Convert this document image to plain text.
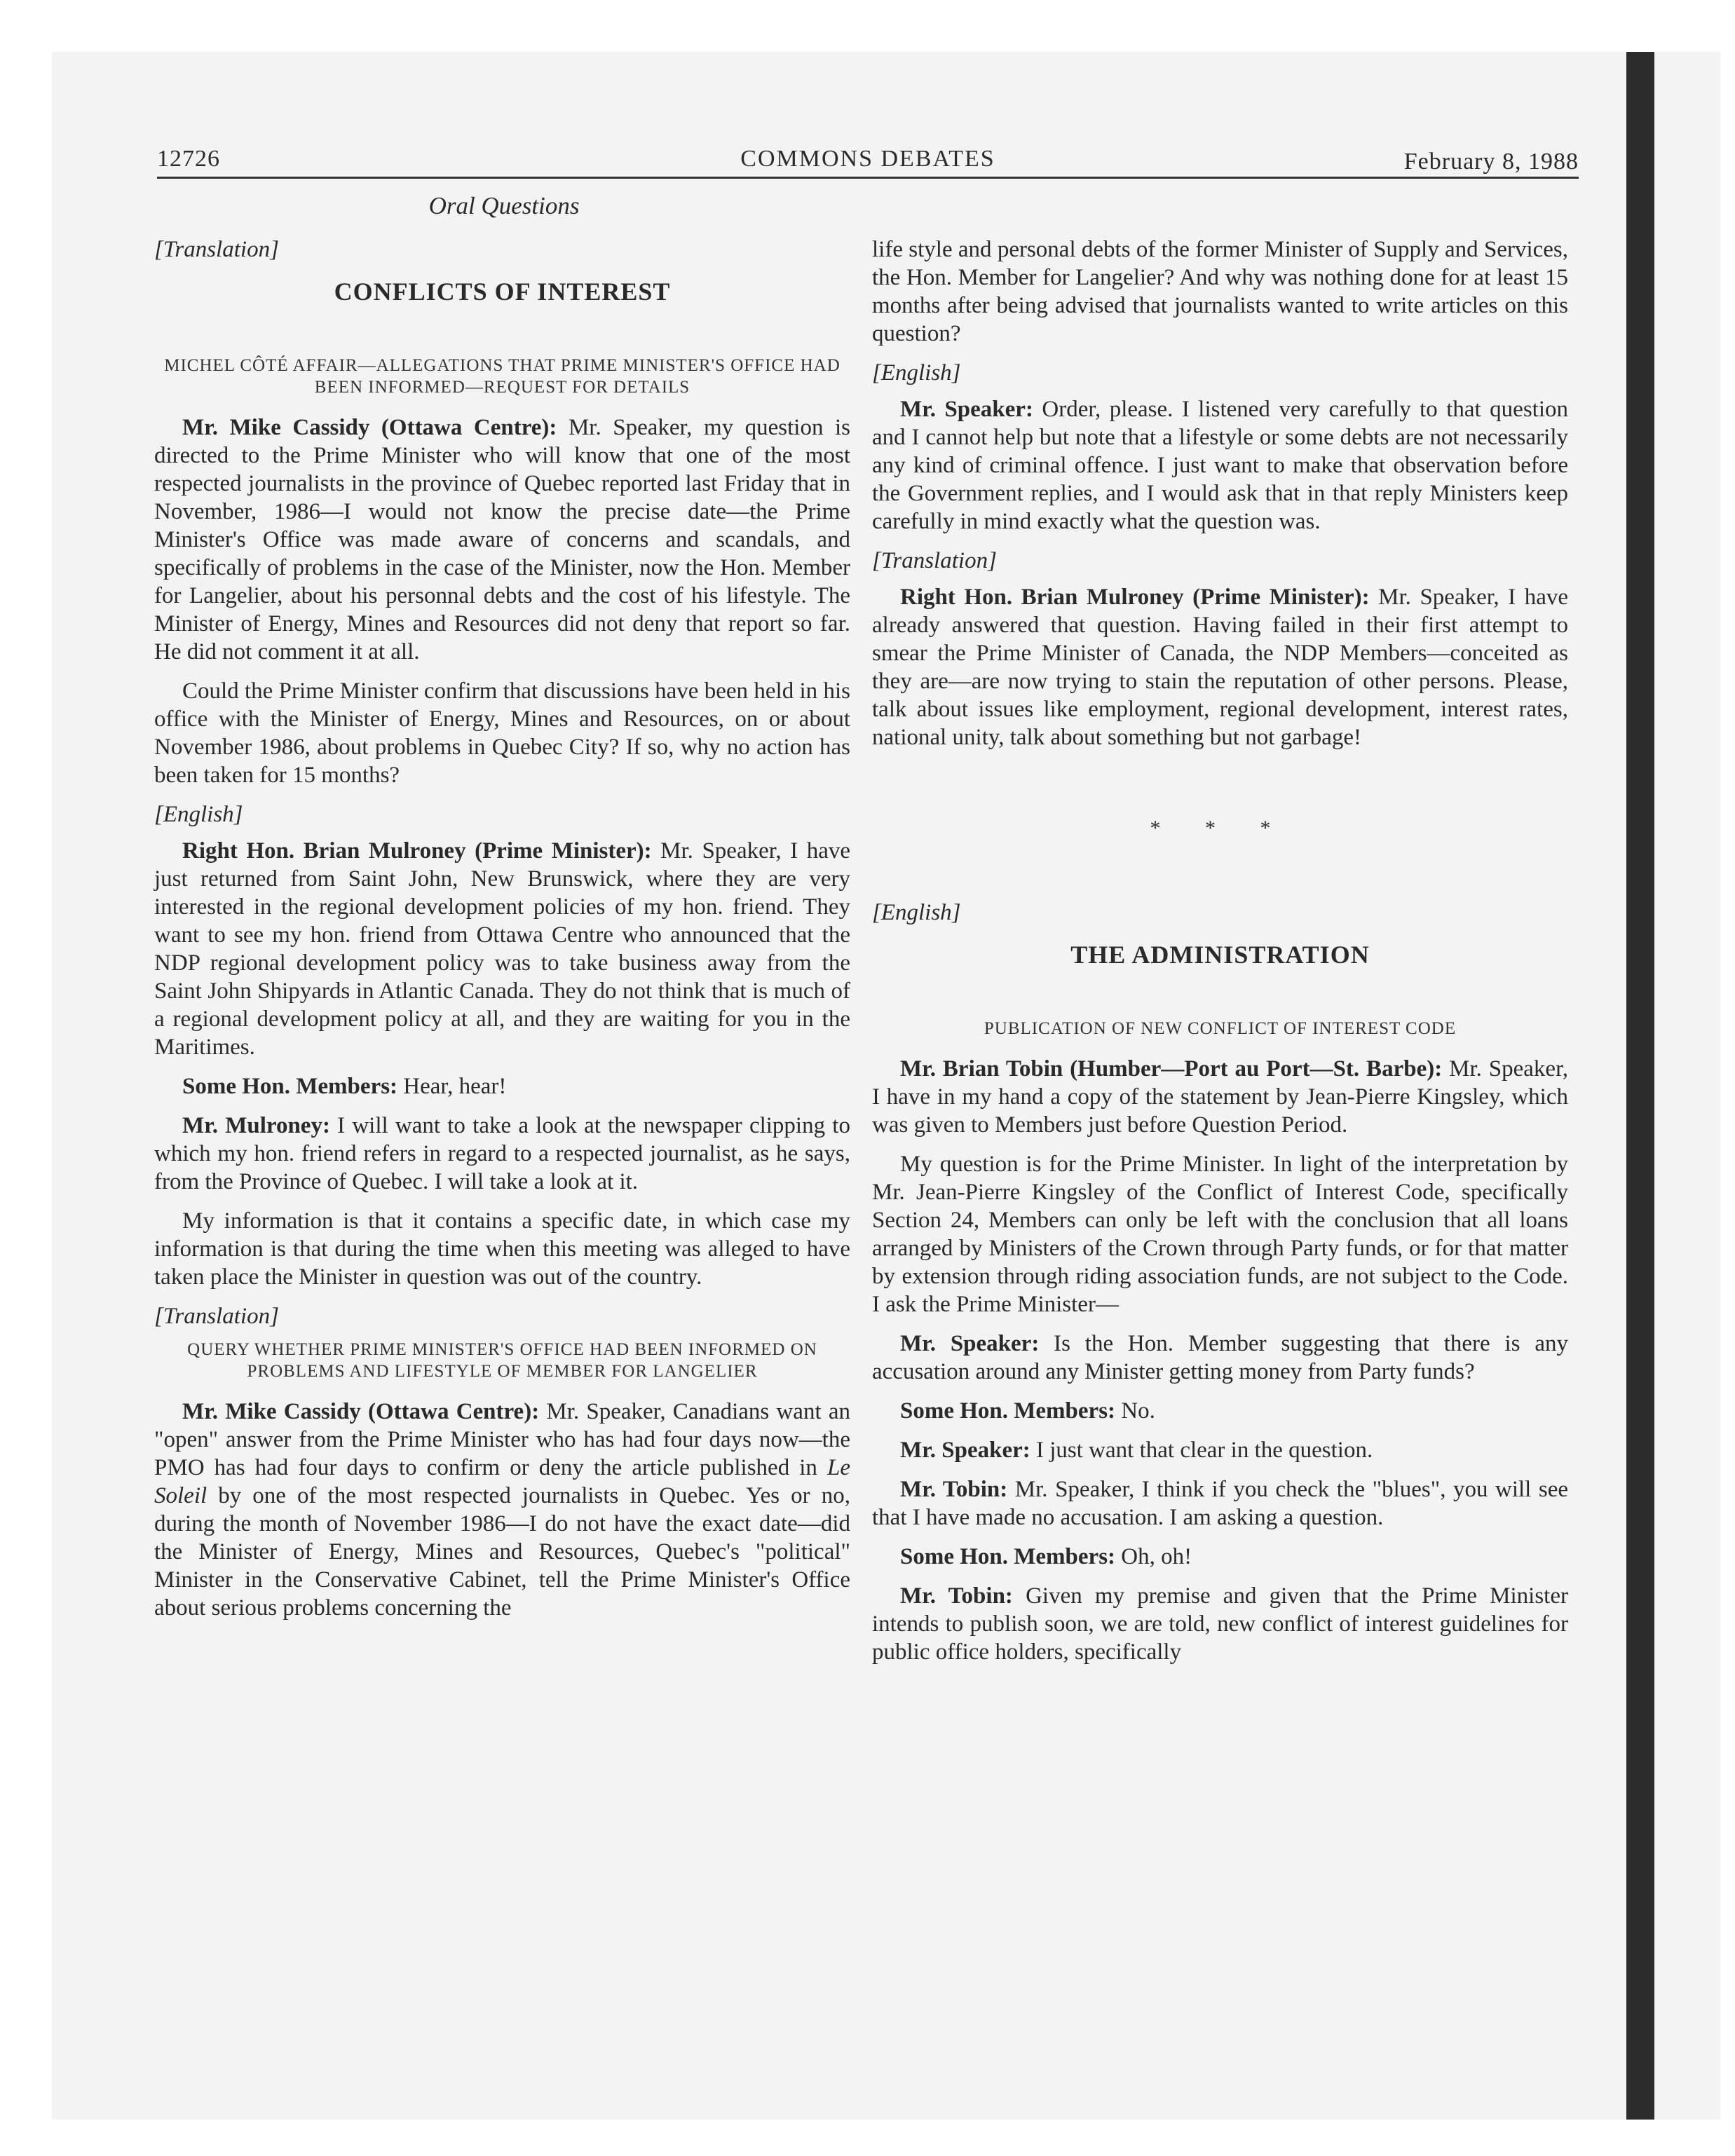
12726	COMMONS DEBATES	February 8, 1988
Oral Questions
[Translation]
CONFLICTS OF INTEREST
MICHEL CÔTÉ AFFAIR—ALLEGATIONS THAT PRIME MINISTER'S OFFICE HAD BEEN INFORMED—REQUEST FOR DETAILS

Mr. Mike Cassidy (Ottawa Centre): Mr. Speaker, my question is directed to the Prime Minister who will know that one of the most respected journalists in the province of Quebec reported last Friday that in November, 1986—I would not know the precise date—the Prime Minister's Office was made aware of concerns and scandals, and specifically of problems in the case of the Minister, now the Hon. Member for Langelier, about his personnal debts and the cost of his lifestyle. The Minister of Energy, Mines and Resources did not deny that report so far. He did not comment it at all.

Could the Prime Minister confirm that discussions have been held in his office with the Minister of Energy, Mines and Resources, on or about November 1986, about problems in Quebec City? If so, why no action has been taken for 15 months?

[English]

Right Hon. Brian Mulroney (Prime Minister): Mr. Speaker, I have just returned from Saint John, New Brunswick, where they are very interested in the regional development policies of my hon. friend. They want to see my hon. friend from Ottawa Centre who announced that the NDP regional development policy was to take business away from the Saint John Shipyards in Atlantic Canada. They do not think that is much of a regional development policy at all, and they are waiting for you in the Maritimes.

Some Hon. Members: Hear, hear!

Mr. Mulroney: I will want to take a look at the newspaper clipping to which my hon. friend refers in regard to a respected journalist, as he says, from the Province of Quebec. I will take a look at it.

My information is that it contains a specific date, in which case my information is that during the time when this meeting was alleged to have taken place the Minister in question was out of the country.

[Translation]
QUERY WHETHER PRIME MINISTER'S OFFICE HAD BEEN INFORMED ON PROBLEMS AND LIFESTYLE OF MEMBER FOR LANGELIER

Mr. Mike Cassidy (Ottawa Centre): Mr. Speaker, Canadians want an "open" answer from the Prime Minister who has had four days now—the PMO has had four days to confirm or deny the article published in Le Soleil by one of the most respected journalists in Quebec. Yes or no, during the month of November 1986—I do not have the exact date—did the Minister of Energy, Mines and Resources, Quebec's "political" Minister in the Conservative Cabinet, tell the Prime Minister's Office about serious problems concerning the

life style and personal debts of the former Minister of Supply and Services, the Hon. Member for Langelier? And why was nothing done for at least 15 months after being advised that journalists wanted to write articles on this question?

[English]

Mr. Speaker: Order, please. I listened very carefully to that question and I cannot help but note that a lifestyle or some debts are not necessarily any kind of criminal offence. I just want to make that observation before the Government replies, and I would ask that in that reply Ministers keep carefully in mind exactly what the question was.

[Translation]

Right Hon. Brian Mulroney (Prime Minister): Mr. Speaker, I have already answered that question. Having failed in their first attempt to smear the Prime Minister of Canada, the NDP Members—conceited as they are—are now trying to stain the reputation of other persons. Please, talk about issues like employment, regional development, interest rates, national unity, talk about something but not garbage!

* * *
[English]
THE ADMINISTRATION
PUBLICATION OF NEW CONFLICT OF INTEREST CODE

Mr. Brian Tobin (Humber—Port au Port—St. Barbe): Mr. Speaker, I have in my hand a copy of the statement by Jean-Pierre Kingsley, which was given to Members just before Question Period.

My question is for the Prime Minister. In light of the interpretation by Mr. Jean-Pierre Kingsley of the Conflict of Interest Code, specifically Section 24, Members can only be left with the conclusion that all loans arranged by Ministers of the Crown through Party funds, or for that matter by extension through riding association funds, are not subject to the Code. I ask the Prime Minister—

Mr. Speaker: Is the Hon. Member suggesting that there is any accusation around any Minister getting money from Party funds?

Some Hon. Members: No.

Mr. Speaker: I just want that clear in the question.

Mr. Tobin: Mr. Speaker, I think if you check the "blues", you will see that I have made no accusation. I am asking a question.

Some Hon. Members: Oh, oh!

Mr. Tobin: Given my premise and given that the Prime Minister intends to publish soon, we are told, new conflict of interest guidelines for public office holders, specifically
